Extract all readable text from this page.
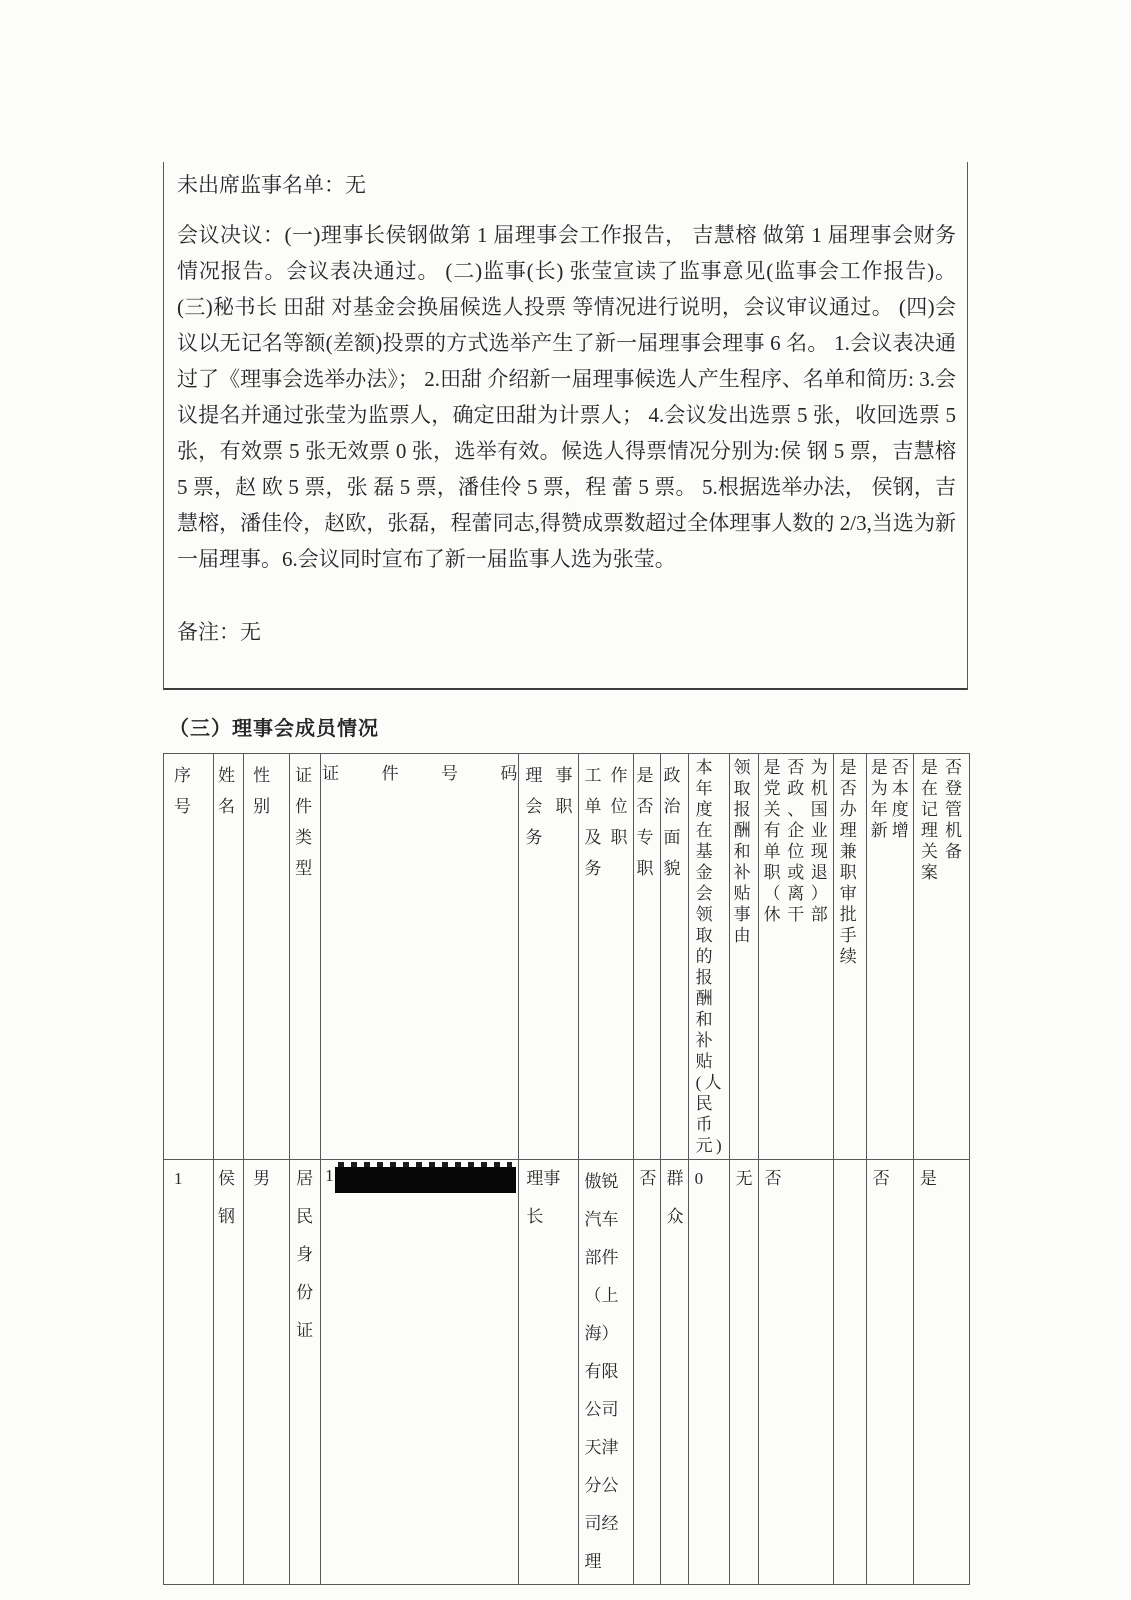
未出席监事名单：无

会议决议：(一)理事长侯钢做第 1 届理事会工作报告， 吉慧榕 做第 1 届理事会财务情况报告。会议表决通过。 (二)监事(长) 张莹宣读了监事意见(监事会工作报告)。 (三)秘书长 田甜 对基金会换届候选人投票 等情况进行说明，会议审议通过。 (四)会议以无记名等额(差额)投票的方式选举产生了新一届理事会理事 6 名。 1.会议表决通过了《理事会选举办法》； 2.田甜 介绍新一届理事候选人产生程序、名单和简历: 3.会议提名并通过张莹为监票人，确定田甜为计票人； 4.会议发出选票 5 张，收回选票 5 张，有效票 5 张无效票 0 张，选举有效。候选人得票情况分别为:侯 钢 5 票，吉慧榕 5 票，赵 欧 5 票，张 磊 5 票，潘佳伶 5 票，程 蕾 5 票。 5.根据选举办法， 侯钢，吉慧榕，潘佳伶，赵欧，张磊，程蕾同志,得赞成票数超过全体理事人数的 2/3,当选为新一届理事。6.会议同时宣布了新一届监事人选为张莹。

备注：无

（三）理事会成员情况
序号	姓名	性别	证件类型	证件号码	理事会职务	工作单位及职务	是否专职	政治面貌	本年度在基金会领取的报酬和补贴(人民币元)	领取报酬和补贴事由	是否为党政机关、国有企业单位现职或退（离）休干部	是否办理兼职审批手续	是否为本年度新增	是否在登记管理机关备案
1	侯钢	男	居民身份证	1	理事长	傲锐汽车部件（上海）有限公司天津分公司经理	否	群众	0	无	否		否	是
